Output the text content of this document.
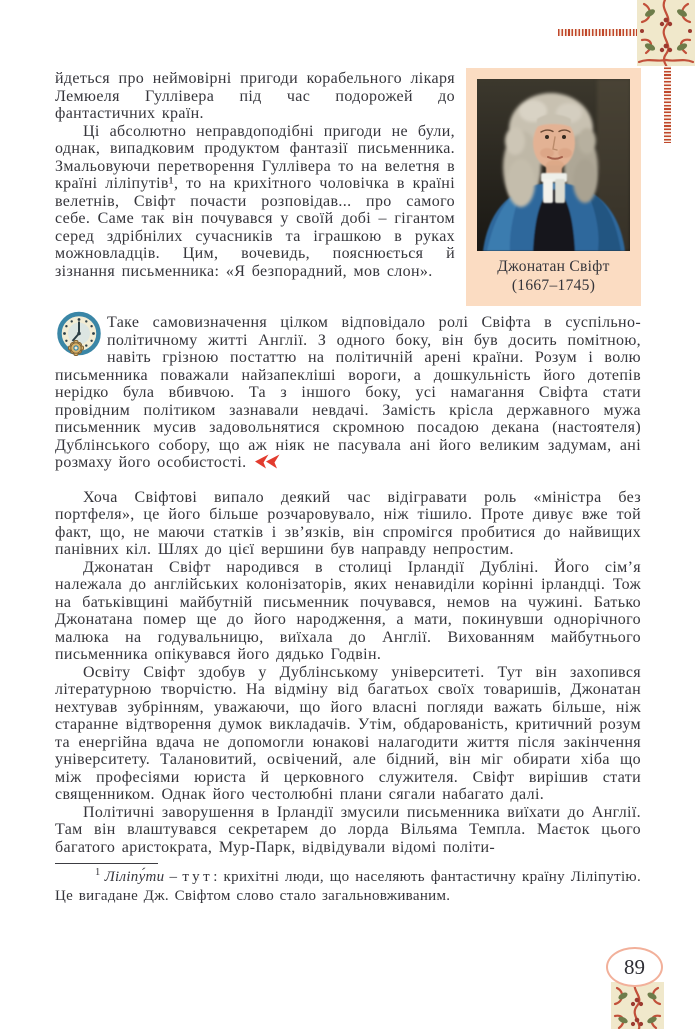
йдеться про неймовірні пригоди корабельного лікаря Лемюеля Гуллівера під час подорожей до фантастичних країн.

Ці абсолютно неправдоподібні пригоди не були, однак, випадковим продуктом фантазії письменника. Змальовуючи перетворення Гуллівера то на велетня в країні ліліпутів¹, то на крихітного чоловічка в країні велетнів, Свіфт почасти розповідав... про самого себе. Саме так він почувався у своїй добі – гігантом серед здрібнілих сучасників та іграшкою в руках можновладців. Цим, вочевидь, пояснюється й зізнання письменника: «Я безпорадний, мов слон».	Джонатан Свіфт
(1667–1745)
Таке самовизначення цілком відповідало ролі Свіфта в суспільно-політичному житті Англії. З одного боку, він був досить помітною, навіть грізною постаттю на політичній арені країни. Розум і волю письменника поважали найзапекліші вороги, а дошкульність його дотепів нерідко була вбивчою. Та з іншого боку, усі намагання Свіфта стати провідним політиком зазнавали невдачі. Замість крісла державного мужа письменник мусив задовольнятися скромною посадою декана (настоятеля) Дублінського собору, що аж ніяк не пасувала ані його великим задумам, ані розмаху його особистості.

Хоча Свіфтові випало деякий час відігравати роль «міністра без портфеля», це його більше розчаровувало, ніж тішило. Проте дивує вже той факт, що, не маючи статків і зв’язків, він спромігся пробитися до найвищих панівних кіл. Шлях до цієї вершини був направду непростим.

Джонатан Свіфт народився в столиці Ірландії Дубліні. Його сім’я належала до англійських колонізаторів, яких ненавиділи корінні ірландці. Тож на батьківщині майбутній письменник почувався, немов на чужині. Батько Джонатана помер ще до його народження, а мати, покинувши однорічного малюка на годувальницю, виїхала до Англії. Вихованням майбутнього письменника опікувався його дядько Годвін.

Освіту Свіфт здобув у Дублінському університеті. Тут він захопився літературною творчістю. На відміну від багатьох своїх товаришів, Джонатан нехтував зубрінням, уважаючи, що його власні погляди важать більше, ніж старанне відтворення думок викладачів. Утім, обдарованість, критичний розум та енергійна вдача не допомогли юнакові налагодити життя після закінчення університету. Талановитий, освічений, але бідний, він міг обирати хіба що між професіями юриста й церковного служителя. Свіфт вирішив стати священником. Однак його честолюбні плани сягали набагато далі.

Політичні заворушення в Ірландії змусили письменника виїхати до Англії. Там він влаштувався секретарем до лорда Вільяма Темпла. Маєток цього багатого аристократа, Мур-Парк, відвідували відомі політи-

$^1$ Ліліпу́ти – тут: крихітні люди, що населяють фантастичну країну Ліліпутію. Це вигадане Дж. Свіфтом слово стало загальновживаним.

89
